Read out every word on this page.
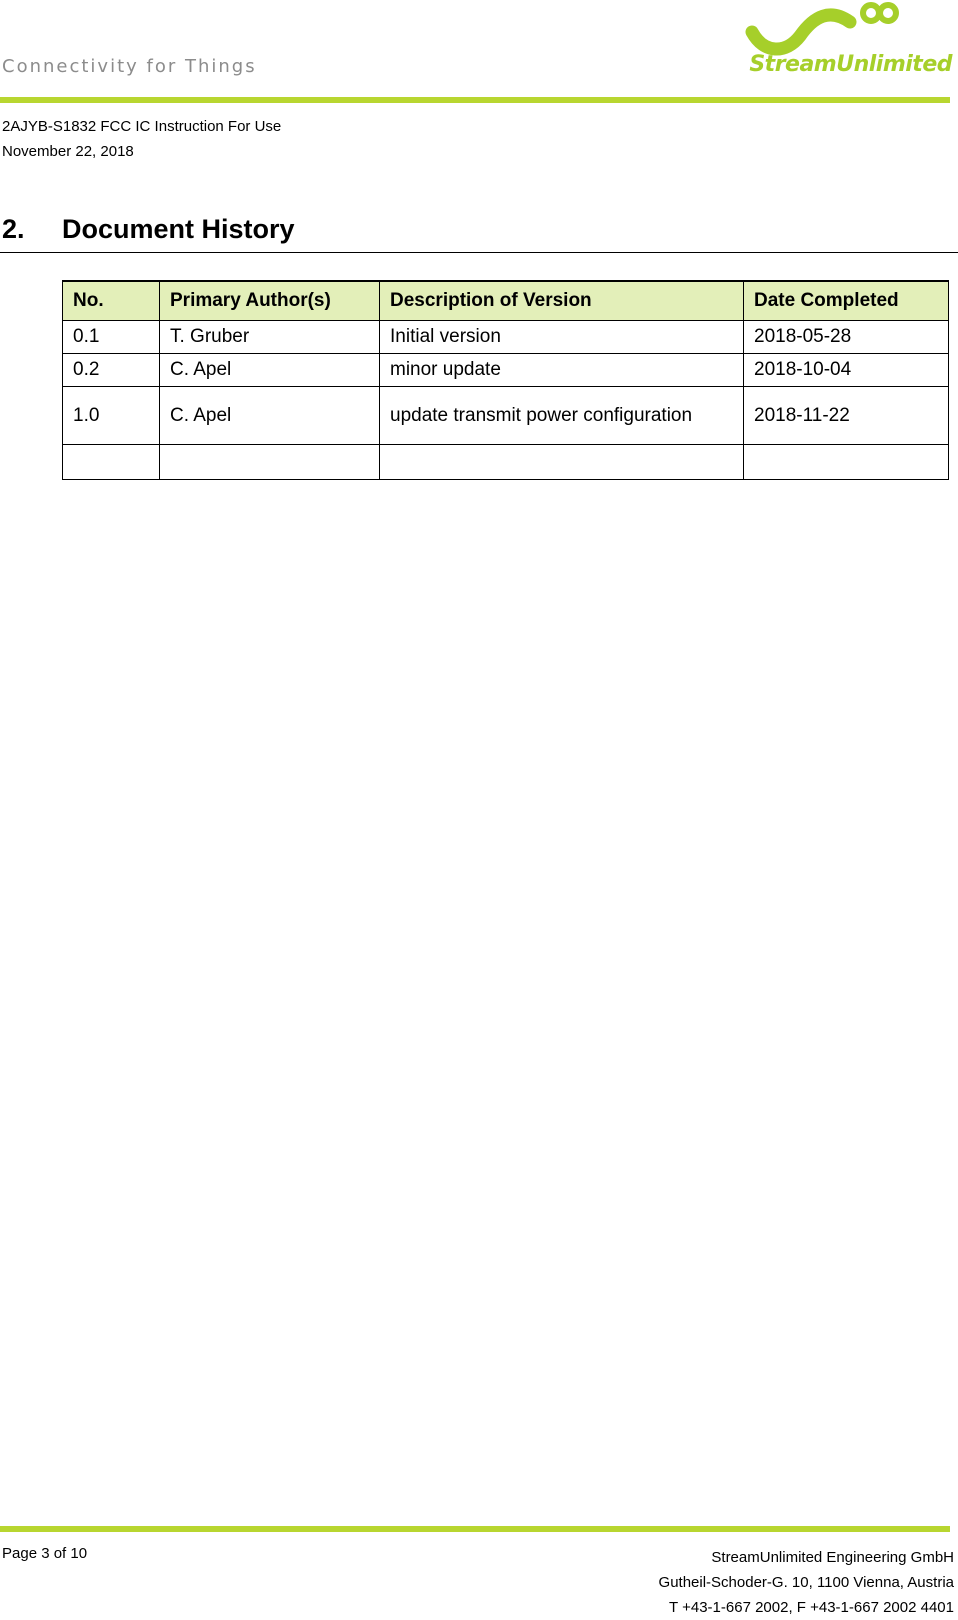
Connectivity for Things	StreamUnlimited
2AJYB-S1832 FCC IC Instruction For Use
November 22, 2018
2. Document History
No.	Primary Author(s)	Description of Version	Date Completed
0.1	T. Gruber	Initial version	2018-05-28
0.2	C. Apel	minor update	2018-10-04
1.0	C. Apel	update transmit power configuration	2018-11-22

Page 3 of 10	StreamUnlimited Engineering GmbH
Gutheil-Schoder-G. 10, 1100 Vienna, Austria
T +43-1-667 2002, F +43-1-667 2002 4401
